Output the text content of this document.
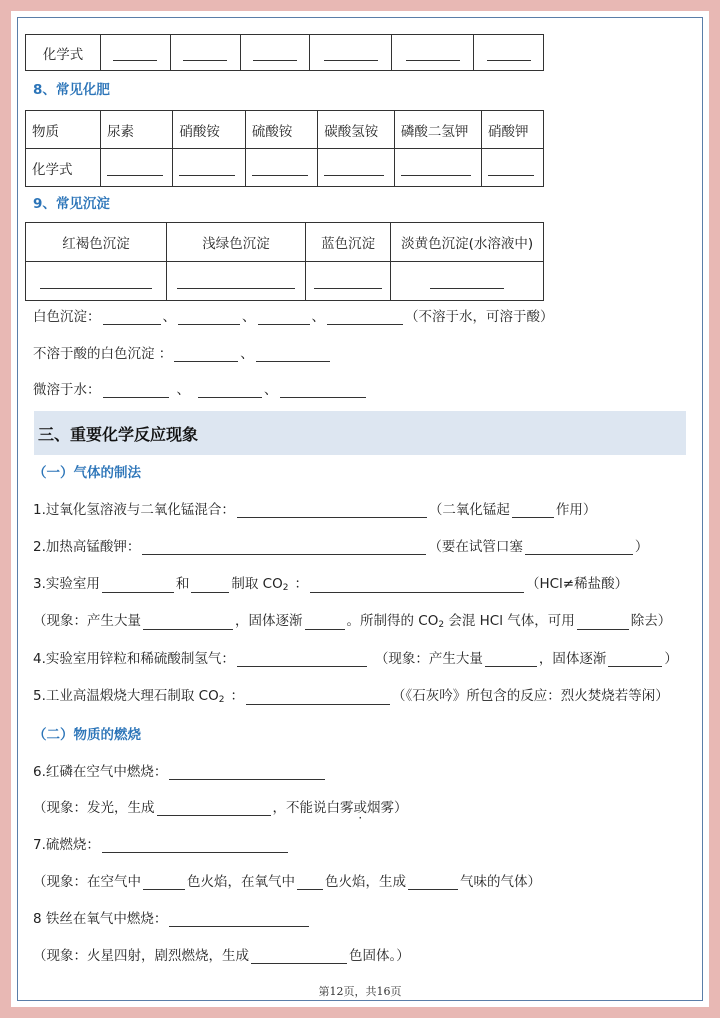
化学式						
8、常见化肥
物质	尿素	硝酸铵	硫酸铵	碳酸氢铵	磷酸二氢钾	硝酸钾
化学式						
9、常见沉淀
红褐色沉淀	浅绿色沉淀	蓝色沉淀	淡黄色沉淀(水溶液中)

白色沉淀：	、	、	、	（不溶于水，可溶于酸）
不溶于酸的白色沉淀 ：	、
微溶于水：	、	、
三、重要化学反应现象
（一）气体的制法
1.过氧化氢溶液与二氧化锰混合：	（二氧化锰起	作用）
2.加热高锰酸钾：	（要在试管口塞	）
3.实验室用	和	制取 $CO_2$ ：	（HCl≠稀盐酸）
（现象：产生大量	，固体逐渐	。所制得的 $CO_2$ 会混 HCl 气体，可用	除去）
4.实验室用锌粒和稀硫酸制氢气：	（现象：产生大量	，固体逐渐	）
5.工业高温煅烧大理石制取 $CO_2$ ：	（《石灰吟》所包含的反应：烈火焚烧若等闲）
（二）物质的燃烧
6.红磷在空气中燃烧：
（现象：发光，生成	，不能说白雾或烟雾 ·）
7.硫燃烧：
（现象：在空气中	色火焰，在氧气中 色火焰，生成	气味的气体）
8 铁丝在氧气中燃烧：
（现象：火星四射，剧烈燃烧，生成	色固体。）
第12页，共16页
